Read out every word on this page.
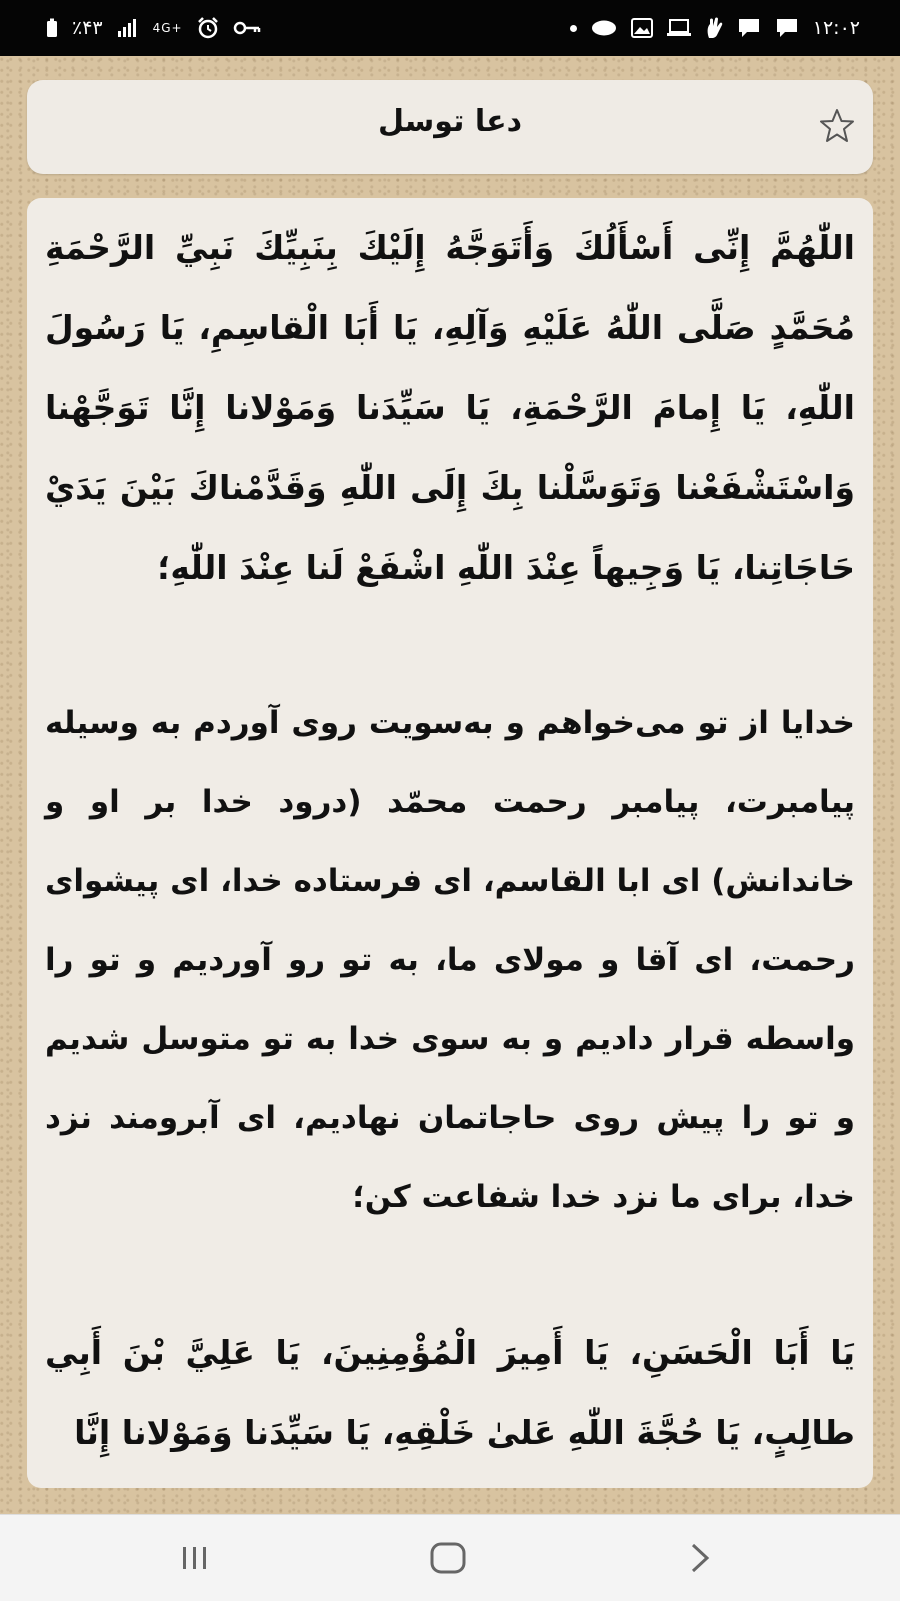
٪۴۳	4G+	۱۲:۰۲
دعا توسل

اللّٰهُمَّ إِنِّی أَسْأَلُكَ وَأَتَوَجَّهُ إِلَيْكَ بِنَبِيِّكَ نَبِيِّ الرَّحْمَةِ مُحَمَّدٍ صَلَّى اللّٰهُ عَلَيْهِ وَآلِهِ، يَا أَبَا الْقاسِمِ، يَا رَسُولَ اللّٰهِ، يَا إِمامَ الرَّحْمَةِ، يَا سَيِّدَنا وَمَوْلانا إِنَّا تَوَجَّهْنا وَاسْتَشْفَعْنا وَتَوَسَّلْنا بِكَ إِلَى اللّٰهِ وَقَدَّمْناكَ بَيْنَ يَدَيْ حَاجَاتِنا، يَا وَجِيهاً عِنْدَ اللّٰهِ اشْفَعْ لَنا عِنْدَ اللّٰهِ؛

خدایا از تو می‌خواهم و به‌سویت روی آوردم به وسیله پیامبرت، پیامبر رحمت محمّد (درود خدا بر او و خاندانش) ای ابا القاسم، ای فرستاده خدا، ای پیشوای رحمت، ای آقا و مولای ما، به تو رو آوردیم و تو را واسطه قرار دادیم و به سوی خدا به تو متوسل شدیم و تو را پیش روی حاجاتمان نهادیم، ای آبرومند نزد خدا، برای ما نزد خدا شفاعت کن؛

يَا أَبَا الْحَسَنِ، يَا أَمِيرَ الْمُؤْمِنِينَ، يَا عَلِيَّ بْنَ أَبِي طالِبٍ، يَا حُجَّةَ اللّٰهِ عَلىٰ خَلْقِهِ، يَا سَيِّدَنا وَمَوْلانا إِنَّا
